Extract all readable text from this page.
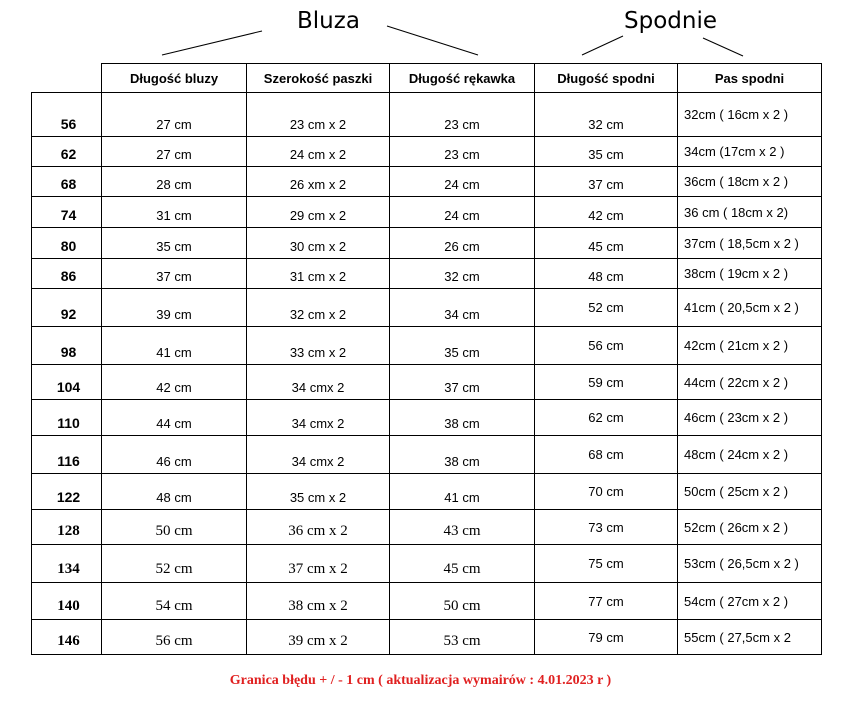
Bluza	Spodnie
	Długość bluzy	Szerokość paszki	Długość rękawka	Długość spodni	Pas spodni
56	27 cm	23 cm x 2	23 cm	32 cm	32cm ( 16cm x 2 )
62	27 cm	24 cm x 2	23 cm	35 cm	34cm (17cm x 2 )
68	28 cm	26 xm x 2	24 cm	37 cm	36cm ( 18cm x 2 )
74	31 cm	29 cm x 2	24 cm	42 cm	36 cm ( 18cm x 2)
80	35 cm	30 cm x 2	26 cm	45 cm	37cm ( 18,5cm x 2 )
86	37 cm	31 cm x 2	32 cm	48 cm	38cm ( 19cm x 2 )
92	39 cm	32 cm x 2	34 cm	52 cm	41cm ( 20,5cm x 2 )
98	41 cm	33 cm x 2	35 cm	56 cm	42cm ( 21cm x 2 )
104	42 cm	34 cmx 2	37 cm	59 cm	44cm ( 22cm x 2 )
110	44 cm	34 cmx 2	38 cm	62 cm	46cm ( 23cm x 2 )
116	46 cm	34 cmx 2	38 cm	68 cm	48cm ( 24cm x 2 )
122	48 cm	35 cm x 2	41 cm	70 cm	50cm ( 25cm x 2 )
128	50 cm	36 cm x 2	43 cm	73 cm	52cm ( 26cm x 2 )
134	52 cm	37 cm x 2	45 cm	75 cm	53cm ( 26,5cm x 2 )
140	54 cm	38 cm x 2	50 cm	77 cm	54cm ( 27cm x 2 )
146	56 cm	39 cm x 2	53 cm	79 cm	55cm ( 27,5cm x 2
Granica błędu + / - 1 cm ( aktualizacja wymairów : 4.01.2023 r )
